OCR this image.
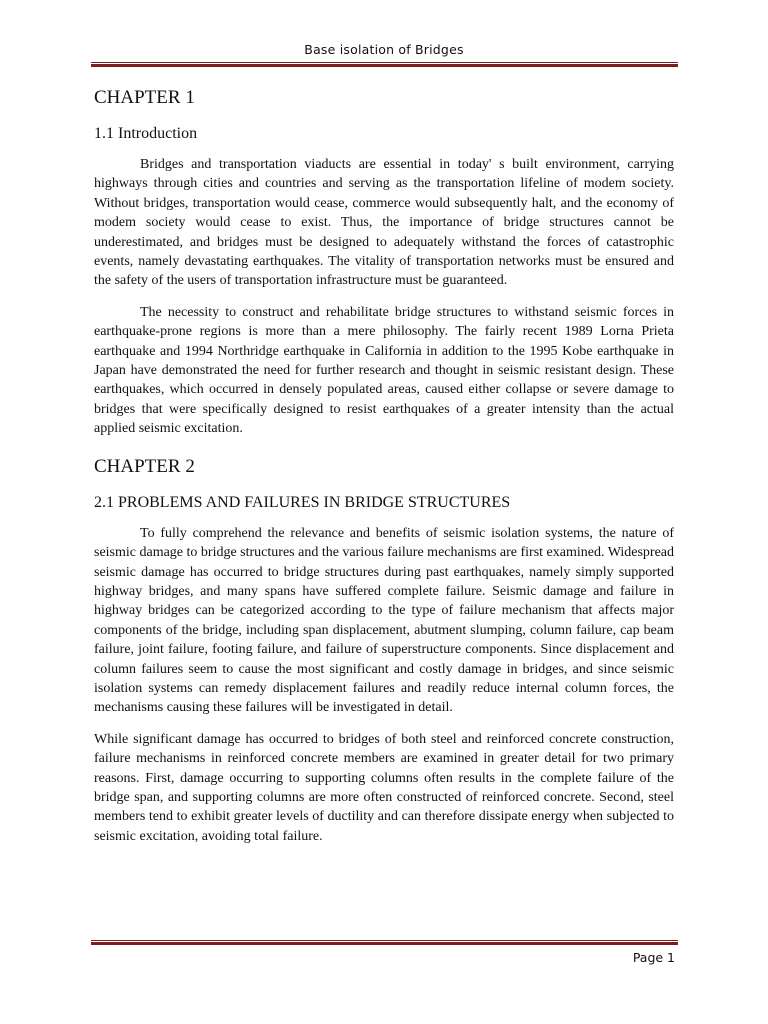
Base isolation of Bridges
CHAPTER 1
1.1 Introduction

Bridges and transportation viaducts are essential in today' s built environment, carrying highways through cities and countries and serving as the transportation lifeline of modem society. Without bridges, transportation would cease, commerce would subsequently halt, and the economy of modem society would cease to exist. Thus, the importance of bridge structures cannot be underestimated, and bridges must be designed to adequately withstand the forces of catastrophic events, namely devastating earthquakes. The vitality of transportation networks must be ensured and the safety of the users of transportation infrastructure must be guaranteed.

The necessity to construct and rehabilitate bridge structures to withstand seismic forces in earthquake-prone regions is more than a mere philosophy. The fairly recent 1989 Lorna Prieta earthquake and 1994 Northridge earthquake in California in addition to the 1995 Kobe earthquake in Japan have demonstrated the need for further research and thought in seismic resistant design. These earthquakes, which occurred in densely populated areas, caused either collapse or severe damage to bridges that were specifically designed to resist earthquakes of a greater intensity than the actual applied seismic excitation.

CHAPTER 2
2.1 PROBLEMS AND FAILURES IN BRIDGE STRUCTURES

To fully comprehend the relevance and benefits of seismic isolation systems, the nature of seismic damage to bridge structures and the various failure mechanisms are first examined. Widespread seismic damage has occurred to bridge structures during past earthquakes, namely simply supported highway bridges, and many spans have suffered complete failure. Seismic damage and failure in highway bridges can be categorized according to the type of failure mechanism that affects major components of the bridge, including span displacement, abutment slumping, column failure, cap beam failure, joint failure, footing failure, and failure of superstructure components. Since displacement and column failures seem to cause the most significant and costly damage in bridges, and since seismic isolation systems can remedy displacement failures and readily reduce internal column forces, the mechanisms causing these failures will be investigated in detail.

While significant damage has occurred to bridges of both steel and reinforced concrete construction, failure mechanisms in reinforced concrete members are examined in greater detail for two primary reasons. First, damage occurring to supporting columns often results in the complete failure of the bridge span, and supporting columns are more often constructed of reinforced concrete. Second, steel members tend to exhibit greater levels of ductility and can therefore dissipate energy when subjected to seismic excitation, avoiding total failure.

Page 1
